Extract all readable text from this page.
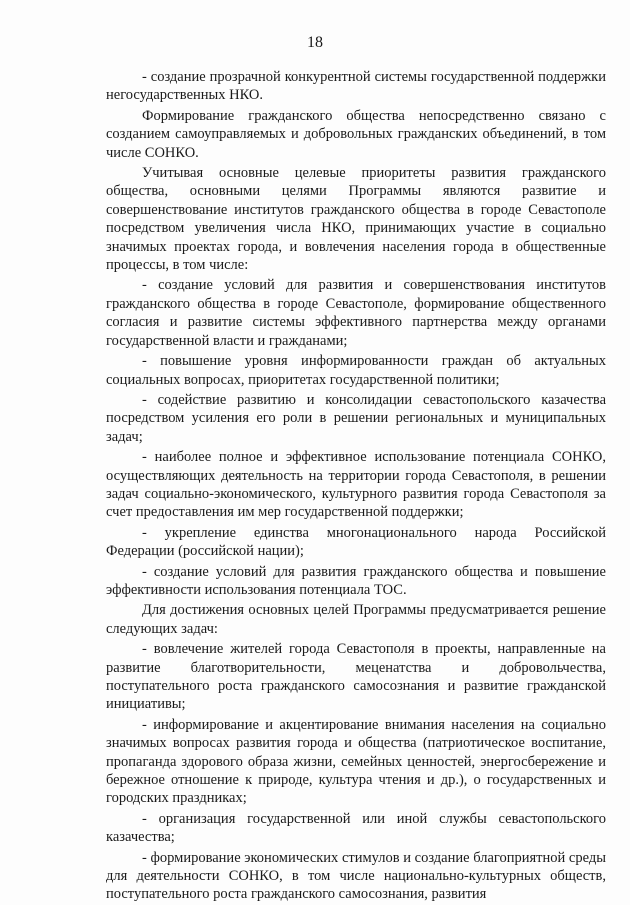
18

- создание прозрачной конкурентной системы государственной поддержки негосударственных НКО.

Формирование гражданского общества непосредственно связано с созданием самоуправляемых и добровольных гражданских объединений, в том числе СОНКО.

Учитывая основные целевые приоритеты развития гражданского общества, основными целями Программы являются развитие и совершенствование институтов гражданского общества в городе Севастополе посредством увеличения числа НКО, принимающих участие в социально значимых проектах города, и вовлечения населения города в общественные процессы, в том числе:

- создание условий для развития и совершенствования институтов гражданского общества в городе Севастополе, формирование общественного согласия и развитие системы эффективного партнерства между органами государственной власти и гражданами;

- повышение уровня информированности граждан об актуальных социальных вопросах, приоритетах государственной политики;

- содействие развитию и консолидации севастопольского казачества посредством усиления его роли в решении региональных и муниципальных задач;

- наиболее полное и эффективное использование потенциала СОНКО, осуществляющих деятельность на территории города Севастополя, в решении задач социально-экономического, культурного развития города Севастополя за счет предоставления им мер государственной поддержки;

- укрепление единства многонационального народа Российской Федерации (российской нации);

- создание условий для развития гражданского общества и повышение эффективности использования потенциала ТОС.

Для достижения основных целей Программы предусматривается решение следующих задач:

- вовлечение жителей города Севастополя в проекты, направленные на развитие благотворительности, меценатства и добровольчества, поступательного роста гражданского самосознания и развитие гражданской инициативы;

- информирование и акцентирование внимания населения на социально значимых вопросах развития города и общества (патриотическое воспитание, пропаганда здорового образа жизни, семейных ценностей, энергосбережение и бережное отношение к природе, культура чтения и др.), о государственных и городских праздниках;

- организация государственной или иной службы севастопольского казачества;

- формирование экономических стимулов и создание благоприятной среды для деятельности СОНКО, в том числе национально-культурных обществ, поступательного роста гражданского самосознания, развития
